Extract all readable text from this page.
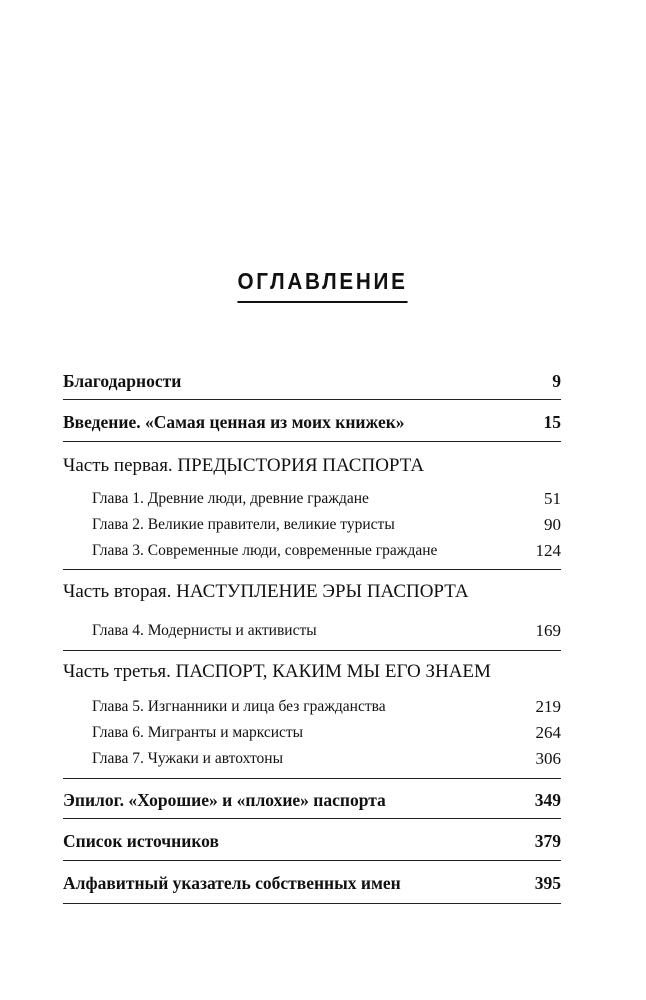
ОГЛАВЛЕНИЕ
Благодарности	9
Введение. «Самая ценная из моих книжек»	15
Часть первая. ПРЕДЫСТОРИЯ ПАСПОРТА
Глава 1. Древние люди, древние граждане	51
Глава 2. Великие правители, великие туристы	90
Глава 3. Современные люди, современные граждане	124
Часть вторая. НАСТУПЛЕНИЕ ЭРЫ ПАСПОРТА
Глава 4. Модернисты и активисты	169
Часть третья. ПАСПОРТ, КАКИМ МЫ ЕГО ЗНАЕМ
Глава 5. Изгнанники и лица без гражданства	219
Глава 6. Мигранты и марксисты	264
Глава 7. Чужаки и автохтоны	306
Эпилог. «Хорошие» и «плохие» паспорта	349
Список источников	379
Алфавитный указатель собственных имен	395
